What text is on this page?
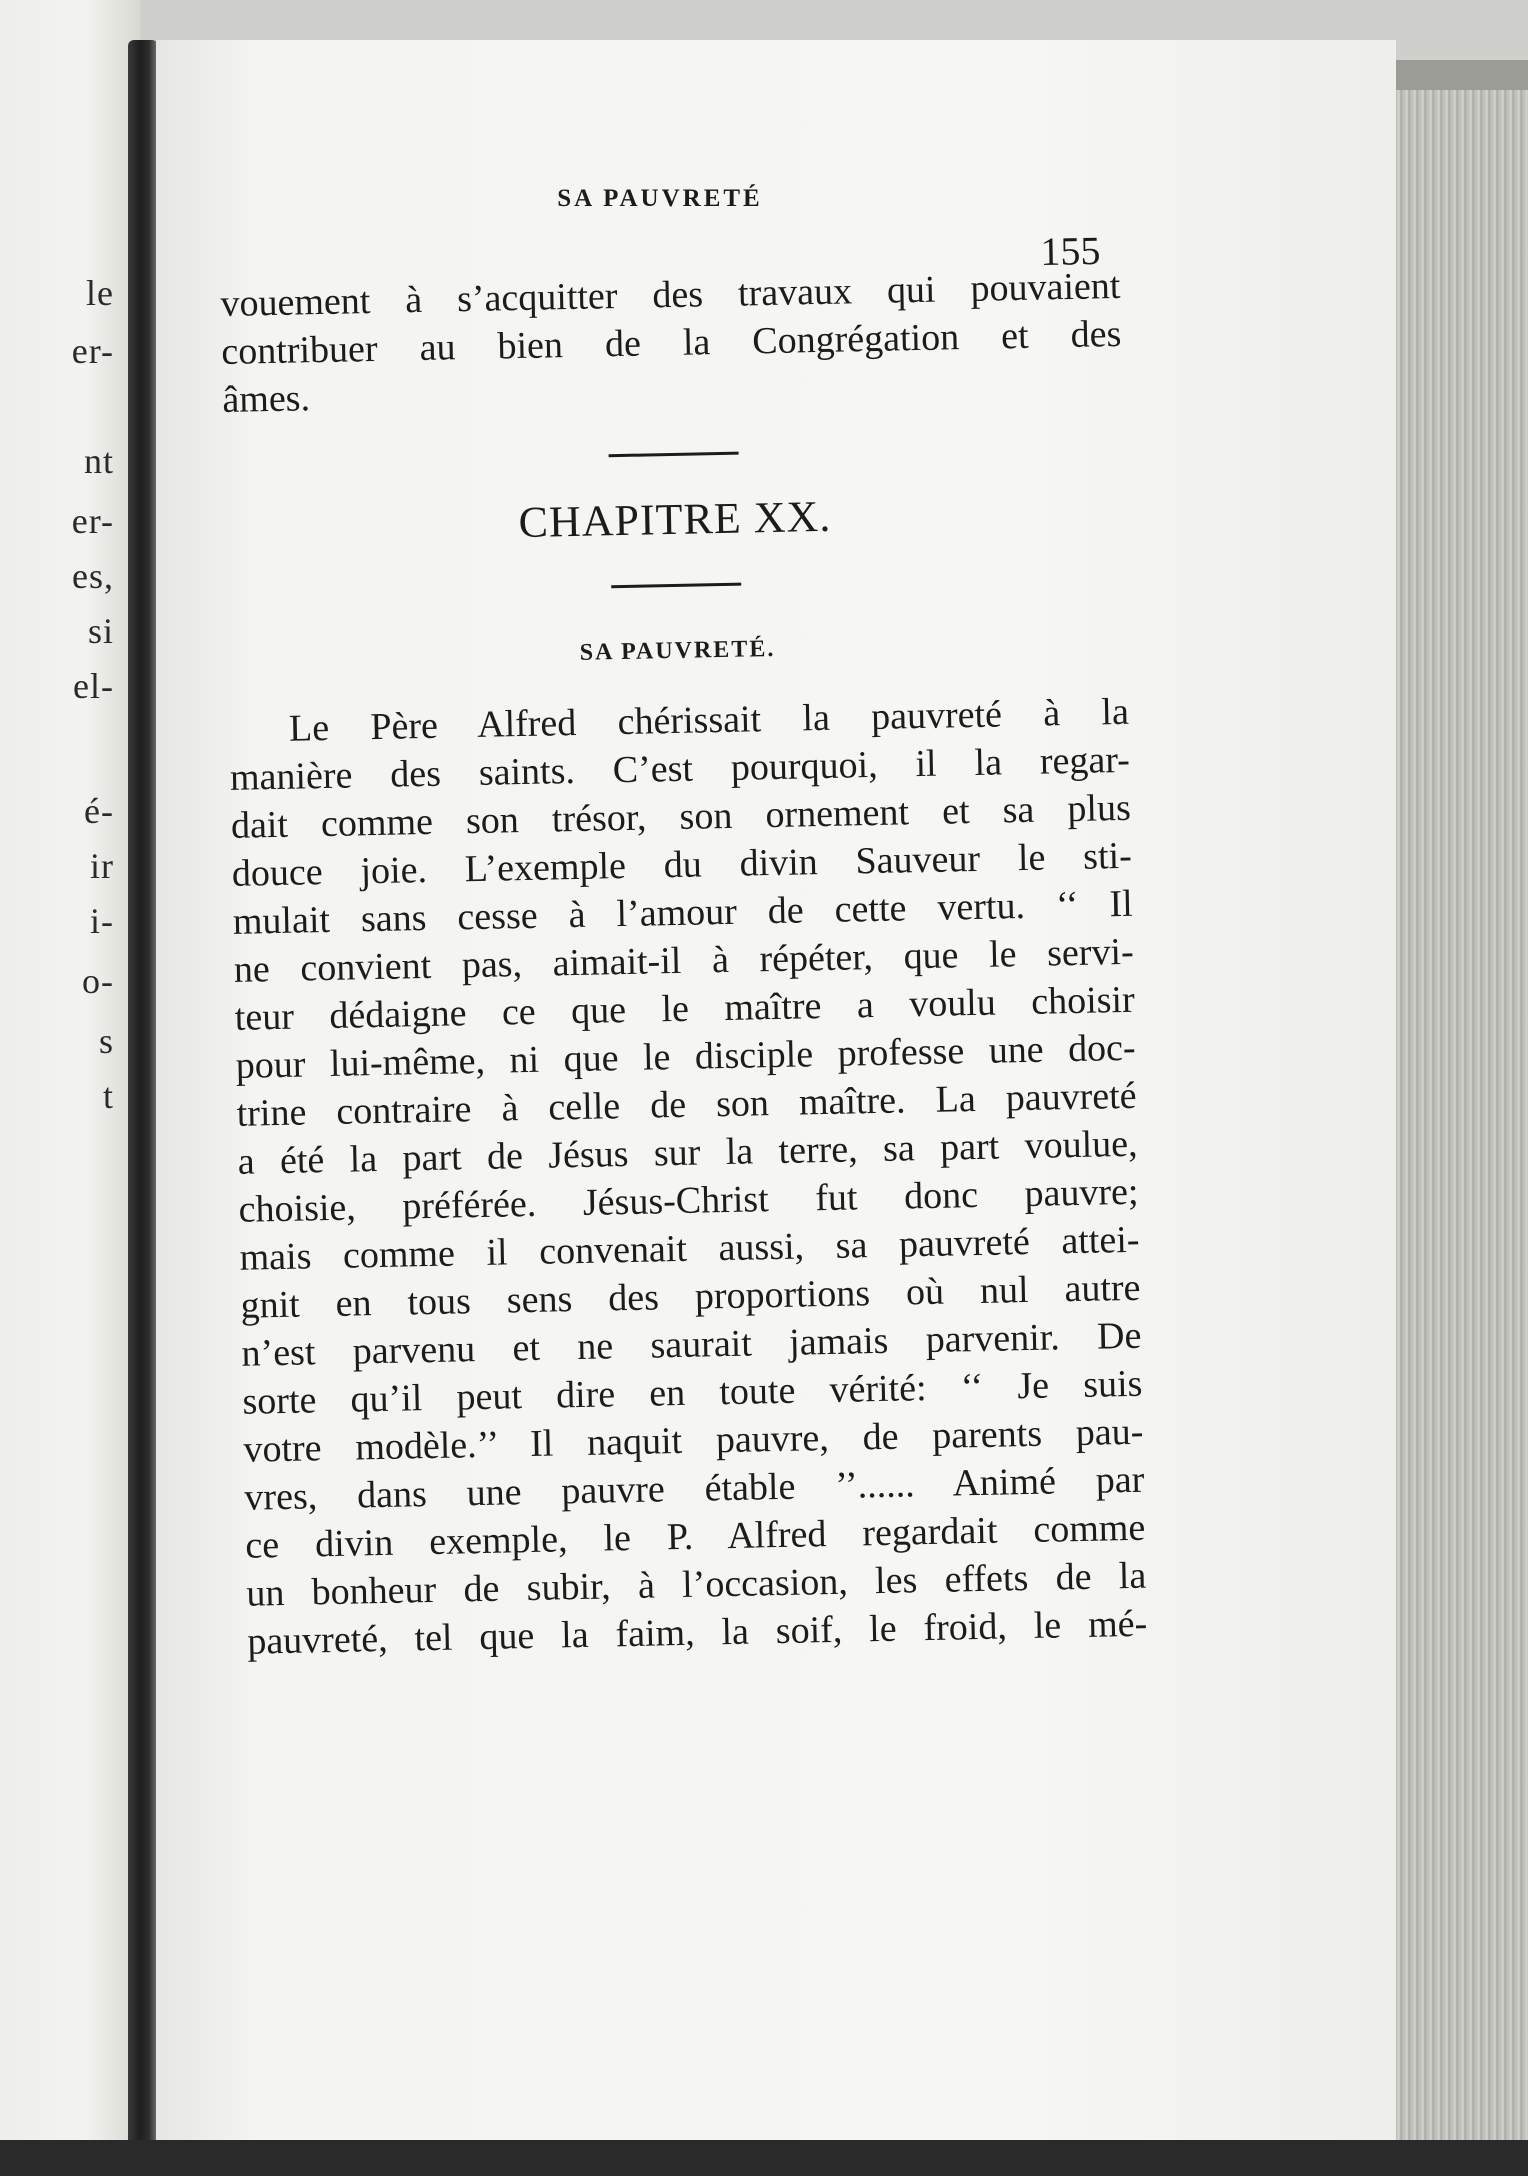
le
er-
nt
er-
es,
si
el-
é-
ir
i-
o-
s
t
SA PAUVRETÉ
155

vouement à s’acquitter des travaux qui pouvaient
contribuer au bien de la Congrégation et des
âmes.

CHAPITRE XX.
SA PAUVRETÉ.

Le Père Alfred chérissait la pauvreté à la
manière des saints. C’est pourquoi, il la regar-
dait comme son trésor, son ornement et sa plus
douce joie. L’exemple du divin Sauveur le sti-
mulait sans cesse à l’amour de cette vertu. ‘‘ Il
ne convient pas, aimait-il à répéter, que le servi-
teur dédaigne ce que le maître a voulu choisir
pour lui-même, ni que le disciple professe une doc-
trine contraire à celle de son maître. La pauvreté
a été la part de Jésus sur la terre, sa part voulue,
choisie, préférée. Jésus-Christ fut donc pauvre;
mais comme il convenait aussi, sa pauvreté attei-
gnit en tous sens des proportions où nul autre
n’est parvenu et ne saurait jamais parvenir. De
sorte qu’il peut dire en toute vérité: ‘‘ Je suis
votre modèle.’’ Il naquit pauvre, de parents pau-
vres, dans une pauvre étable ’’...... Animé par
ce divin exemple, le P. Alfred regardait comme
un bonheur de subir, à l’occasion, les effets de la
pauvreté, tel que la faim, la soif, le froid, le mé-
